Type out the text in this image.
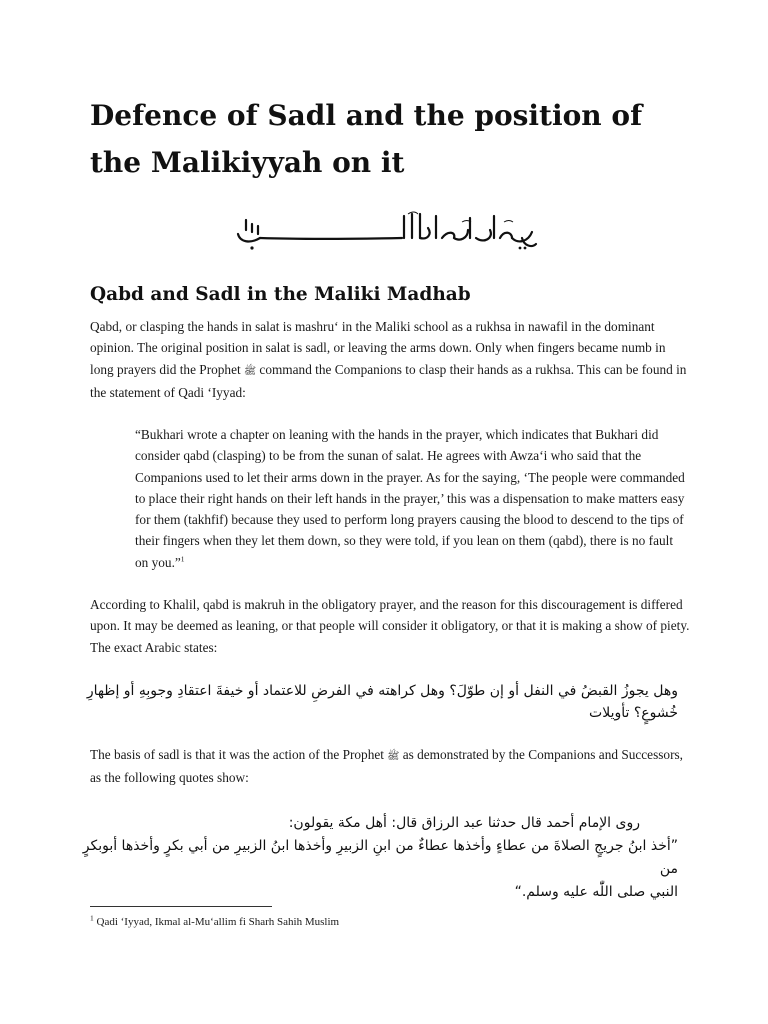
Defence of Sadl and the position of the Malikiyyah on it
Qabd and Sadl in the Maliki Madhab

Qabd, or clasping the hands in salat is mashru‘ in the Maliki school as a rukhsa in nawafil in the dominant opinion. The original position in salat is sadl, or leaving the arms down. Only when fingers became numb in long prayers did the Prophet ﷺ command the Companions to clasp their hands as a rukhsa. This can be found in the statement of Qadi ‘Iyyad:

“Bukhari wrote a chapter on leaning with the hands in the prayer, which indicates that Bukhari did consider qabd (clasping) to be from the sunan of salat. He agrees with Awza‘i who said that the Companions used to let their arms down in the prayer. As for the saying, ‘The people were commanded to place their right hands on their left hands in the prayer,’ this was a dispensation to make matters easy for them (takhfif) because they used to perform long prayers causing the blood to descend to the tips of their fingers when they let them down, so they were told, if you lean on them (qabd), there is no fault on you.”$^1$

According to Khalil, qabd is makruh in the obligatory prayer, and the reason for this discouragement is differed upon. It may be deemed as leaning, or that people will consider it obligatory, or that it is making a show of piety. The exact Arabic states:

وهل يجوزُ القبضُ في النفل أو إن طوّلَ؟ وهل كراهته في الفرضِ للاعتماد أو خيفةَ اعتقادِ وجوبِهِ أو إظهارِ خُشوعٍ؟ تأويلات

The basis of sadl is that it was the action of the Prophet ﷺ as demonstrated by the Companions and Successors, as the following quotes show:

روى الإمام أحمد قال حدثنا عبد الرزاق قال: أهل مكة يقولون:
”أخذ ابنُ جريجٍ الصلاةَ من عطاءٍ وأخذها عطاءٌ من ابنِ الزبيرِ وأخذها ابنُ الزبيرِ من أبي بكرٍ وأخذها أبوبكرٍ من
النبي صلى اللّٰه عليه وسلم.“

$^1$ Qadi ‘Iyyad, Ikmal al-Mu‘allim fi Sharh Sahih Muslim
